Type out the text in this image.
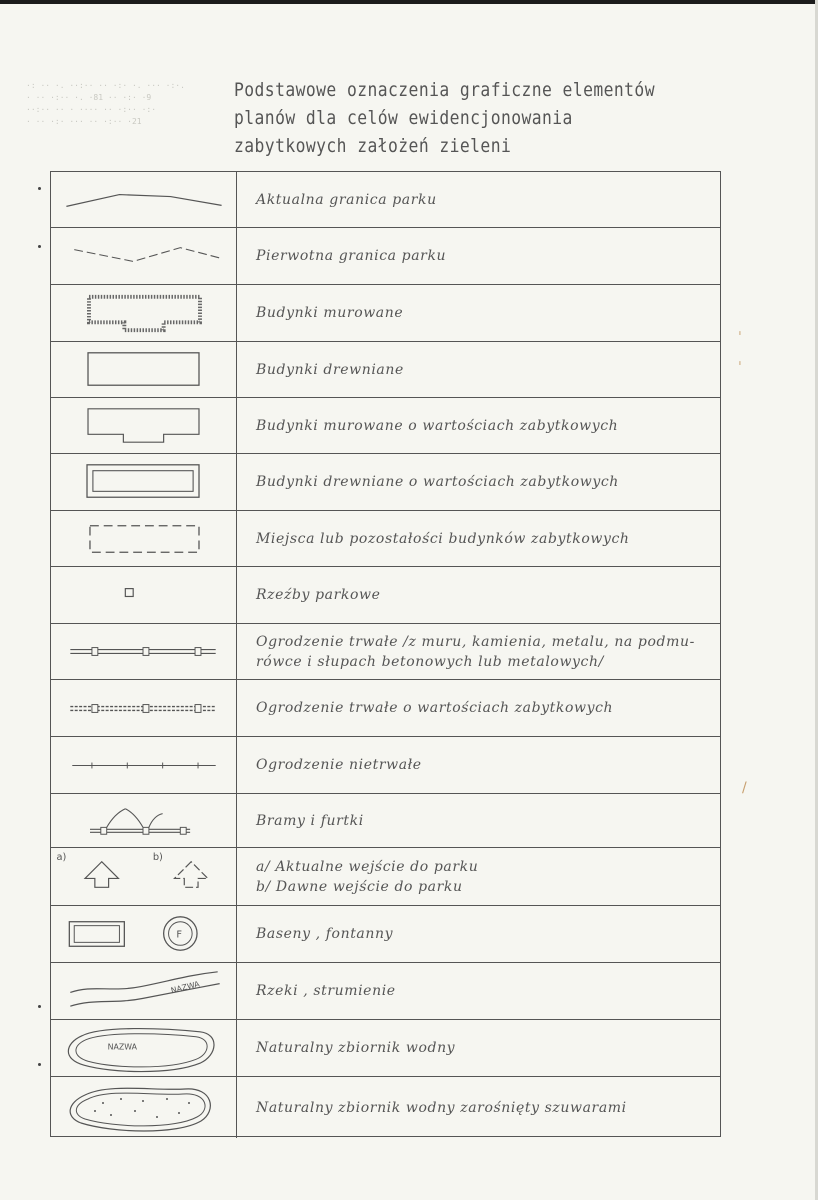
·: ·· ·. ··:·· ·· ·:· ·. ··· ·:·.
· ·· ·:·· ·. ·81 ·· ·:· ·9
··:·· ·· · ···· ·· ·:·· ·:·
· ·· ·:· ··· ·· ·:·· ·21
Podstawowe oznaczenia graficzne elementów
planów dla celów ewidencjonowania
zabytkowych założeń zieleni
ˈ
ˈ
/
Aktualna granica parku
Pierwotna granica parku
Budynki murowane
Budynki drewniane
Budynki murowane o wartościach zabytkowych
Budynki drewniane o wartościach zabytkowych
Miejsca lub pozostałości budynków zabytkowych
Rzeźby parkowe
Ogrodzenie trwałe /z muru, kamienia, metalu, na podmu-
rówce i słupach betonowych lub metalowych/
Ogrodzenie trwałe o wartościach zabytkowych
Ogrodzenie nietrwałe
Bramy i furtki
a)	b)
a/ Aktualne wejście do parku
b/ Dawne wejście do parku
F	Baseny , fontanny
NAZWA	Rzeki , strumienie
NAZWA	Naturalny zbiornik wodny
Naturalny zbiornik wodny zarośnięty szuwarami
